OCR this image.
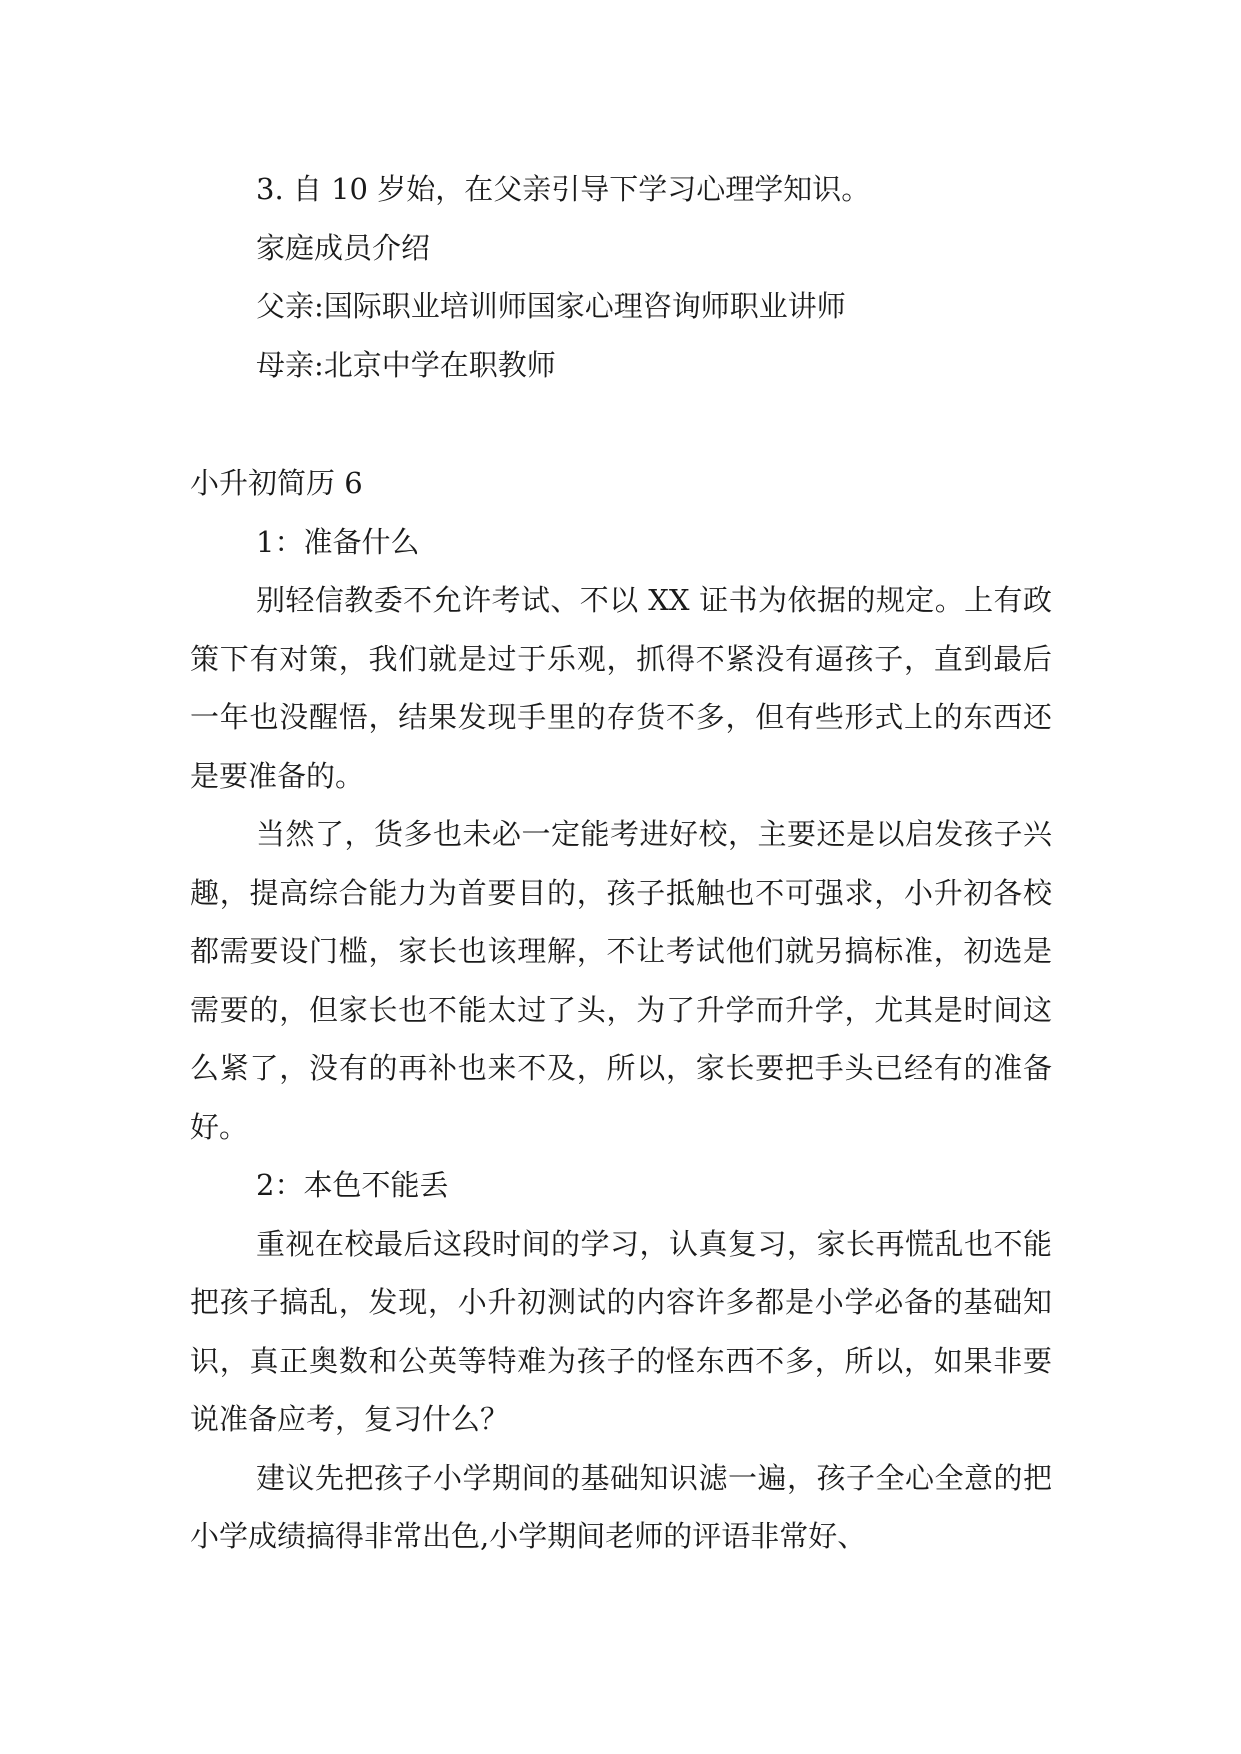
3. 自 10 岁始，在父亲引导下学习心理学知识。

家庭成员介绍

父亲:国际职业培训师国家心理咨询师职业讲师

母亲:北京中学在职教师

小升初简历 6

1：准备什么

别轻信教委不允许考试、不以 XX 证书为依据的规定。上有政策下有对策，我们就是过于乐观，抓得不紧没有逼孩子，直到最后一年也没醒悟，结果发现手里的存货不多，但有些形式上的东西还是要准备的。

当然了，货多也未必一定能考进好校，主要还是以启发孩子兴趣，提高综合能力为首要目的，孩子抵触也不可强求，小升初各校都需要设门槛，家长也该理解，不让考试他们就另搞标准，初选是需要的，但家长也不能太过了头，为了升学而升学，尤其是时间这么紧了，没有的再补也来不及，所以，家长要把手头已经有的准备好。

2：本色不能丢

重视在校最后这段时间的学习，认真复习，家长再慌乱也不能把孩子搞乱，发现，小升初测试的内容许多都是小学必备的基础知识，真正奥数和公英等特难为孩子的怪东西不多，所以，如果非要说准备应考，复习什么？

建议先把孩子小学期间的基础知识滤一遍，孩子全心全意的把小学成绩搞得非常出色,小学期间老师的评语非常好、
